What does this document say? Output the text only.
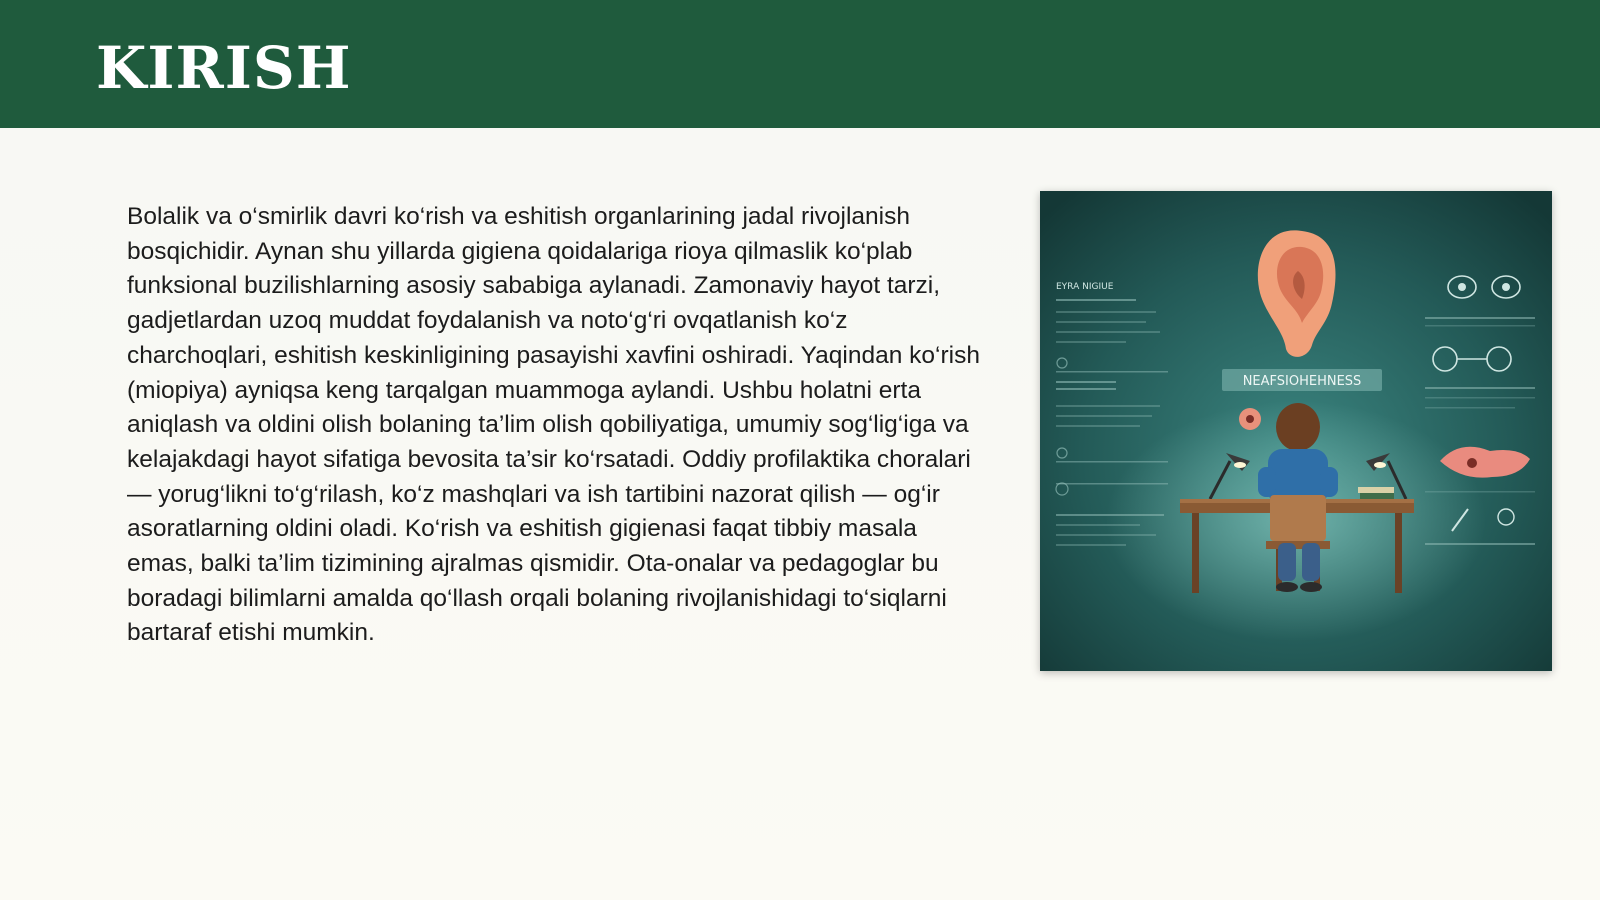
KIRISH

Bolalik va o‘smirlik davri ko‘rish va eshitish organlarining jadal rivojlanish bosqichidir. Aynan shu yillarda gigiena qoidalariga rioya qilmaslik ko‘plab funksional buzilishlarning asosiy sababiga aylanadi. Zamonaviy hayot tarzi, gadjetlardan uzoq muddat foydalanish va noto‘g‘ri ovqatlanish ko‘z charchoqlari, eshitish keskinligining pasayishi xavfini oshiradi. Yaqindan ko‘rish (miopiya) ayniqsa keng tarqalgan muammoga aylandi. Ushbu holatni erta aniqlash va oldini olish bolaning ta’lim olish qobiliyatiga, umumiy sog‘lig‘iga va kelajakdagi hayot sifatiga bevosita ta’sir ko‘rsatadi. Oddiy profilaktika choralari — yorug‘likni to‘g‘rilash, ko‘z mashqlari va ish tartibini nazorat qilish — og‘ir asoratlarning oldini oladi. Ko‘rish va eshitish gigienasi faqat tibbiy masala emas, balki ta’lim tizimining ajralmas qismidir. Ota-onalar va pedagoglar bu boradagi bilimlarni amalda qo‘llash orqali bolaning rivojlanishidagi to‘siqlarni bartaraf etishi mumkin.

EYRA NIGIUE
NEAFSIOHEHNESS
